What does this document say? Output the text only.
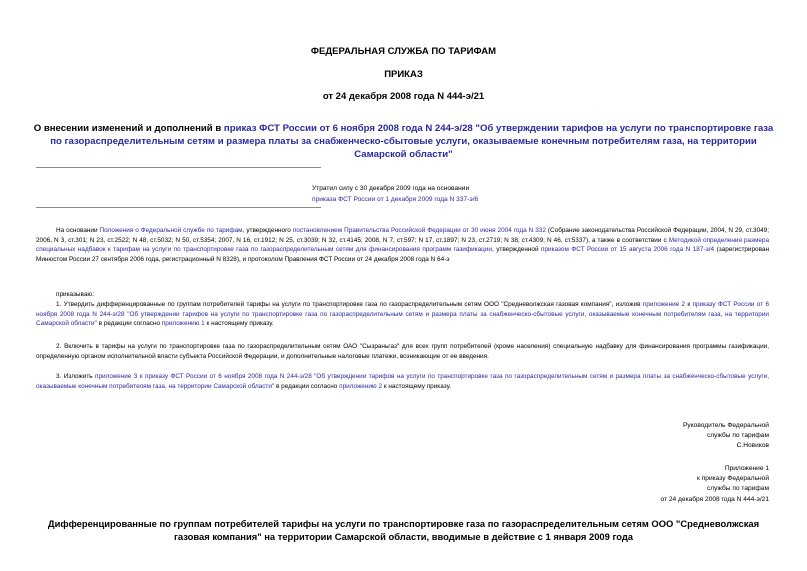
ФЕДЕРАЛЬНАЯ СЛУЖБА ПО ТАРИФАМ
ПРИКАЗ
от 24 декабря 2008 года N 444-э/21
О внесении изменений и дополнений в приказ ФСТ России от 6 ноября 2008 года N 244-э/28 "Об утверждении тарифов на услуги по транспортировке газа по газораспределительным сетям и размера платы за снабженческо-сбытовые услуги, оказываемые конечным потребителям газа, на территории Самарской области"
Утратил силу с 30 декабря 2009 года на основании
приказа ФСТ России от 1 декабря 2009 года N 337-э/6
На основании Положения о Федеральной службе по тарифам, утвержденного постановлением Правительства Российской Федерации от 30 июня 2004 года N 332 (Собрание законодательства Российской Федерации, 2004, N 29, ст.3049; 2006, N 3, ст.301; N 23, ст.2522; N 48, ст.5032; N 50, ст.5354; 2007, N 16, ст.1912; N 25, ст.3039; N 32, ст.4145; 2008, N 7, ст.597; N 17, ст.1897; N 23, ст.2719; N 38, ст.4309; N 46, ст.5337), а также в соответствии с Методикой определения размера специальных надбавок к тарифам на услуги по транспортировке газа по газораспределительным сетям для финансирования программ газификации, утвержденной приказом ФСТ России от 15 августа 2006 года N 187-э/4 (зарегистрирован Минюстом России 27 сентября 2006 года, регистрационный N 8328), и протоколом Правления ФСТ России от 24 декабря 2008 года N 64-э
приказываю:
1. Утвердить дифференцированные по группам потребителей тарифы на услуги по транспортировке газа по газораспределительным сетям ООО "Средневолжская газовая компания", изложив приложение 2 к приказу ФСТ России от 6 ноября 2008 года N 244-э/28 "Об утверждении тарифов на услуги по транспортировке газа по газораспределительным сетям и размера платы за снабженческо-сбытовые услуги, оказываемые конечным потребителям газа, на территории Самарской области" в редакции согласно приложению 1 к настоящему приказу.
2. Включить в тарифы на услуги по транспортировке газа по газораспределительным сетям ОАО "Сызраньгаз" для всех групп потребителей (кроме населения) специальную надбавку для финансирования программы газификации, определенную органом исполнительной власти субъекта Российской Федерации, и дополнительные налоговые платежи, возникающие от ее введения.
3. Изложить приложение 3 к приказу ФСТ России от 6 ноября 2008 года N 244-э/28 "Об утверждении тарифов на услуги по транспортировке газа по газораспределительным сетям и размера платы за снабженческо-сбытовые услуги, оказываемые конечным потребителям газа, на территории Самарской области" в редакции согласно приложению 2 к настоящему приказу.
Руководитель Федеральной
службы по тарифам
С.Новиков
Приложение 1
к приказу Федеральной
службы по тарифам
от 24 декабря 2008 года N 444-э/21
Дифференцированные по группам потребителей тарифы на услуги по транспортировке газа по газораспределительным сетям ООО "Средневолжская газовая компания" на территории Самарской области, вводимые в действие с 1 января 2009 года
